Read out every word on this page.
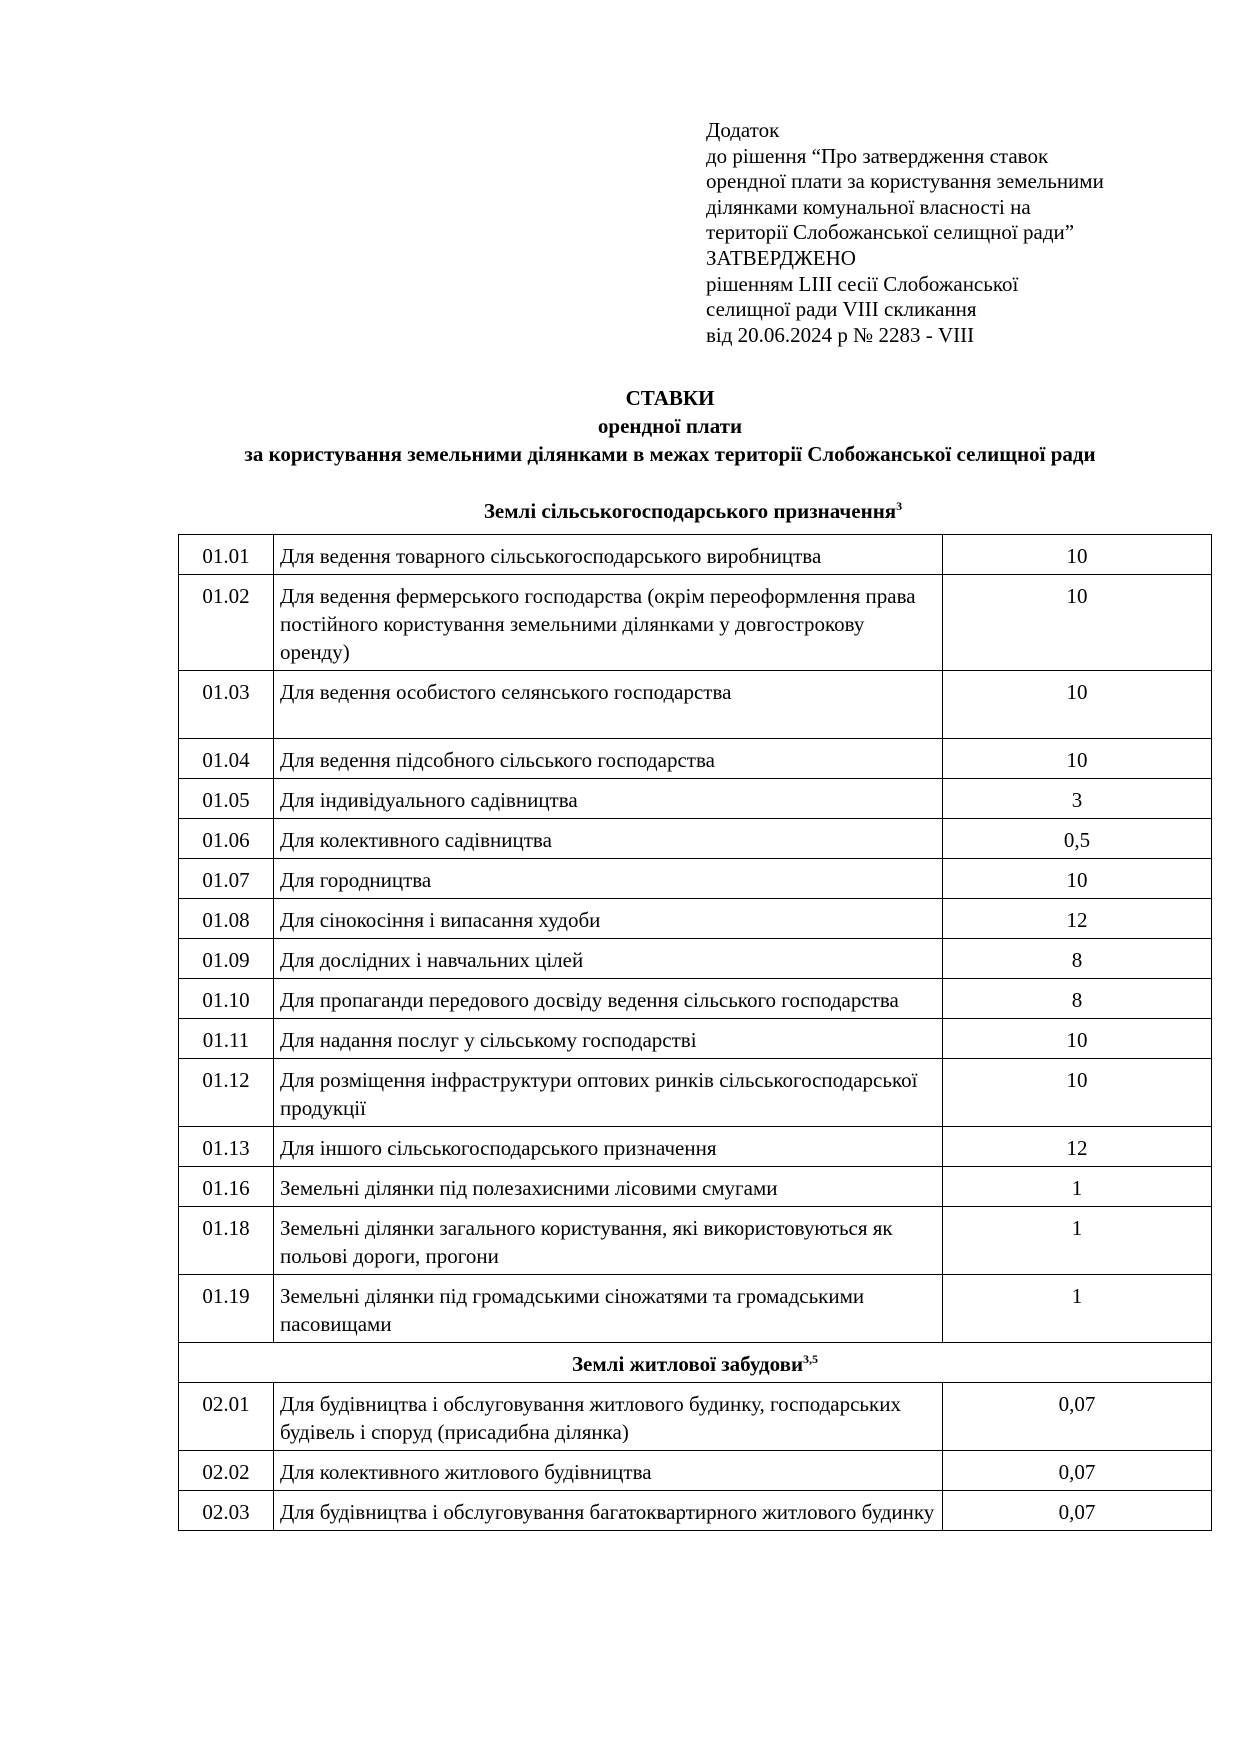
Додаток
до рішення “Про затвердження ставок
орендної плати за користування земельними
ділянками комунальної власності на
території Слобожанської селищної ради”
ЗАТВЕРДЖЕНО
рішенням LIII сесії Слобожанської
селищної ради VIII скликання
від 20.06.2024 р № 2283 - VIII
СТАВКИ
орендної плати
за користування земельними ділянками в межах території Слобожанської селищної ради
Землі сільськогосподарського призначення$^3$
01.01	Для ведення товарного сільськогосподарського виробництва	10
01.02	Для ведення фермерського господарства (окрім переоформлення права постійного користування земельними ділянками у довгострокову оренду)	10
01.03	Для ведення особистого селянського господарства	10
01.04	Для ведення підсобного сільського господарства	10
01.05	Для індивідуального садівництва	3
01.06	Для колективного садівництва	0,5
01.07	Для городництва	10
01.08	Для сінокосіння і випасання худоби	12
01.09	Для дослідних і навчальних цілей	8
01.10	Для пропаганди передового досвіду ведення сільського господарства	8
01.11	Для надання послуг у сільському господарстві	10
01.12	Для розміщення інфраструктури оптових ринків сільськогосподарської продукції	10
01.13	Для іншого сільськогосподарського призначення	12
01.16	Земельні ділянки під полезахисними лісовими смугами	1
01.18	Земельні ділянки загального користування, які використовуються як польові дороги, прогони	1
01.19	Земельні ділянки під громадськими сіножатями та громадськими пасовищами	1
Землі житлової забудови$^{3,5}$
02.01	Для будівництва і обслуговування житлового будинку, господарських будівель і споруд (присадибна ділянка)	0,07
02.02	Для колективного житлового будівництва	0,07
02.03	Для будівництва і обслуговування багатоквартирного житлового будинку	0,07
